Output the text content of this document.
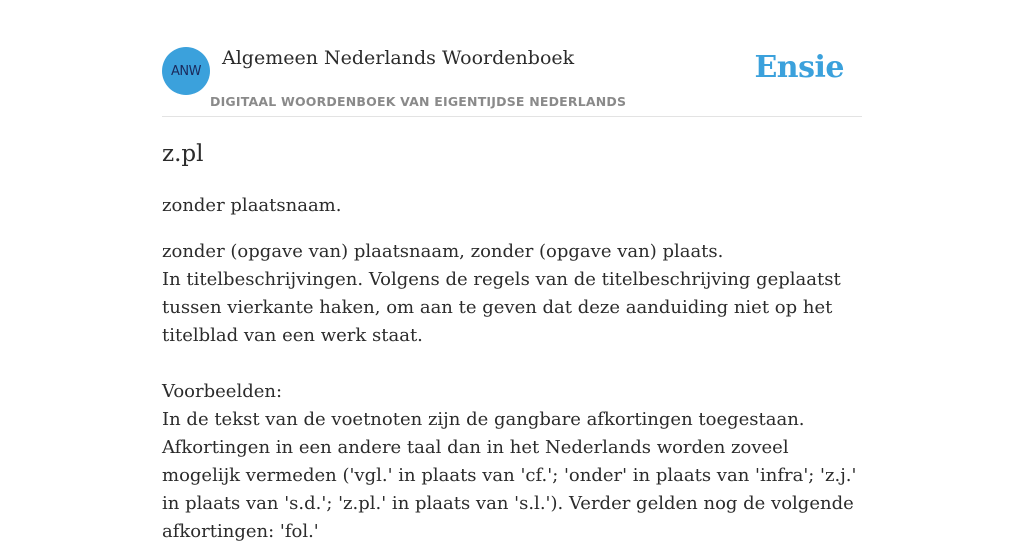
ANW
Algemeen Nederlands Woordenboek
DIGITAAL WOORDENBOEK VAN EIGENTIJDSE NEDERLANDS
Ensie
z.pl

zonder plaatsnaam.

zonder (opgave van) plaatsnaam, zonder (opgave van) plaats.
In titelbeschrijvingen. Volgens de regels van de titelbeschrijving geplaatst tussen vierkante haken, om aan te geven dat deze aanduiding niet op het titelblad van een werk staat.

Voorbeelden:
In de tekst van de voetnoten zijn de gangbare afkortingen toegestaan. Afkortingen in een andere taal dan in het Nederlands worden zoveel mogelijk vermeden ('vgl.' in plaats van 'cf.'; 'onder' in plaats van 'infra'; 'z.j.' in plaats van 's.d.'; 'z.pl.' in plaats van 's.l.'). Verder gelden nog de volgende afkortingen: 'fol.'
